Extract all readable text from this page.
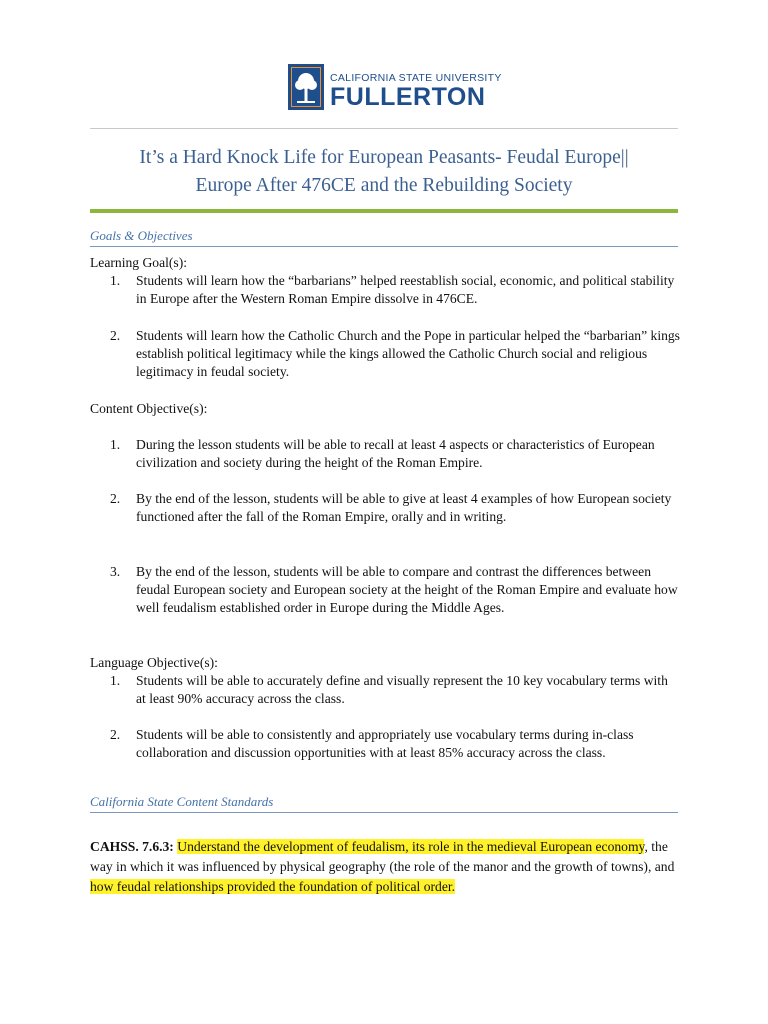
CALIFORNIA STATE UNIVERSITY
FULLERTON
It’s a Hard Knock Life for European Peasants- Feudal Europe||
Europe After 476CE and the Rebuilding Society
Goals & Objectives
Learning Goal(s):
1.	Students will learn how the “barbarians” helped reestablish social, economic, and political stability in Europe after the Western Roman Empire dissolve in 476CE.
2.	Students will learn how the Catholic Church and the Pope in particular helped the “barbarian” kings establish political legitimacy while the kings allowed the Catholic Church social and religious legitimacy in feudal society.
Content Objective(s):
1.	During the lesson students will be able to recall at least 4 aspects or characteristics of European civilization and society during the height of the Roman Empire.
2.	By the end of the lesson, students will be able to give at least 4 examples of how European society functioned after the fall of the Roman Empire, orally and in writing.
3.	By the end of the lesson, students will be able to compare and contrast the differences between feudal European society and European society at the height of the Roman Empire and evaluate how well feudalism established order in Europe during the Middle Ages.
Language Objective(s):
1.	Students will be able to accurately define and visually represent the 10 key vocabulary terms with at least 90% accuracy across the class.
2.	Students will be able to consistently and appropriately use vocabulary terms during in-class collaboration and discussion opportunities with at least 85% accuracy across the class.
California State Content Standards
CAHSS. 7.6.3: Understand the development of feudalism, its role in the medieval European economy, the way in which it was influenced by physical geography (the role of the manor and the growth of towns), and how feudal relationships provided the foundation of political order.
